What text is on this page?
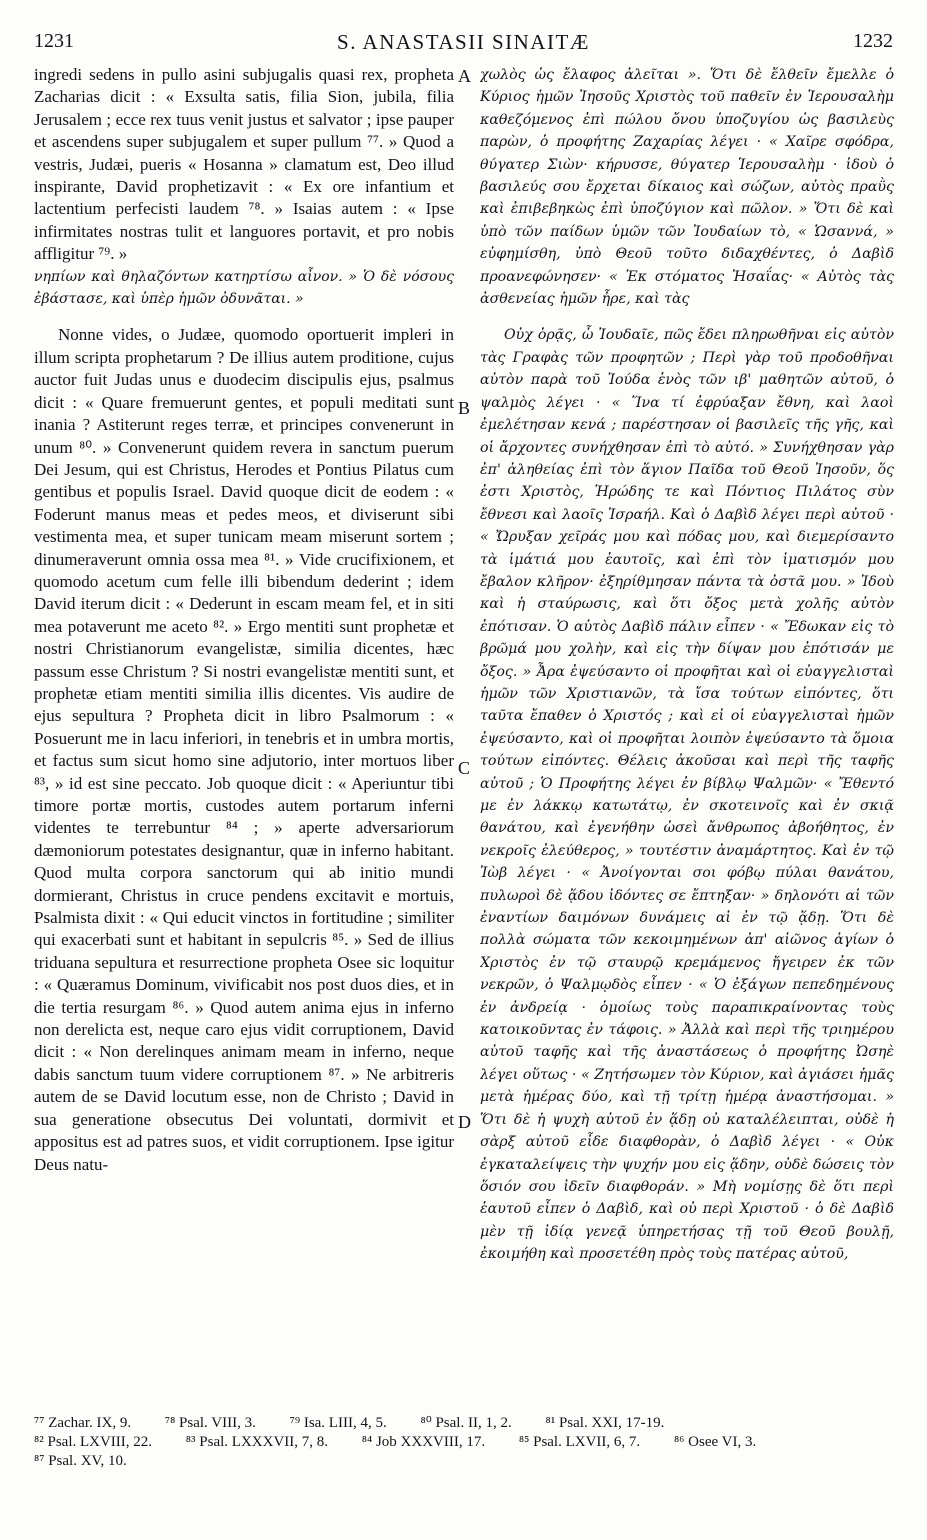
1231	S. ANASTASII SINAITÆ	1232

ingredi sedens in pullo asini subjugalis quasi rex, propheta Zacharias dicit : « Exsulta satis, filia Sion, jubila, filia Jerusalem ; ecce rex tuus venit justus et salvator ; ipse pauper et ascendens super subjugalem et super pullum ⁷⁷. » Quod a vestris, Judæi, pueris « Hosanna » clamatum est, Deo illud inspirante, David prophetizavit : « Ex ore infantium et lactentium perfecisti laudem ⁷⁸. » Isaias autem : « Ipse infirmitates nostras tulit et languores portavit, et pro nobis affligitur ⁷⁹. »

νηπίων καὶ θηλαζόντων κατηρτίσω αἶνον. » Ὁ δὲ νόσους ἐβάστασε, καὶ ὑπὲρ ἡμῶν ὀδυνᾶται. »

Nonne vides, o Judæe, quomodo oportuerit impleri in illum scripta prophetarum ? De illius autem proditione, cujus auctor fuit Judas unus e duodecim discipulis ejus, psalmus dicit : « Quare fremuerunt gentes, et populi meditati sunt inania ? Astiterunt reges terræ, et principes convenerunt in unum ⁸⁰. » Convenerunt quidem revera in sanctum puerum Dei Jesum, qui est Christus, Herodes et Pontius Pilatus cum gentibus et populis Israel. David quoque dicit de eodem : « Foderunt manus meas et pedes meos, et diviserunt sibi vestimenta mea, et super tunicam meam miserunt sortem ; dinumeraverunt omnia ossa mea ⁸¹. » Vide crucifixionem, et quomodo acetum cum felle illi bibendum dederint ; idem David iterum dicit : « Dederunt in escam meam fel, et in siti mea potaverunt me aceto ⁸². » Ergo mentiti sunt prophetæ et nostri Christianorum evangelistæ, similia dicentes, hæc passum esse Christum ? Si nostri evangelistæ mentiti sunt, et prophetæ etiam mentiti similia illis dicentes. Vis audire de ejus sepultura ? Propheta dicit in libro Psalmorum : « Posuerunt me in lacu inferiori, in tenebris et in umbra mortis, et factus sum sicut homo sine adjutorio, inter mortuos liber ⁸³, » id est sine peccato. Job quoque dicit : « Aperiuntur tibi timore portæ mortis, custodes autem portarum inferni videntes te terrebuntur ⁸⁴ ; » aperte adversariorum dæmoniorum potestates designantur, quæ in inferno habitant. Quod multa corpora sanctorum qui ab initio mundi dormierant, Christus in cruce pendens excitavit e mortuis, Psalmista dixit : « Qui educit vinctos in fortitudine ; similiter qui exacerbati sunt et habitant in sepulcris ⁸⁵. » Sed de illius triduana sepultura et resurrectione propheta Osee sic loquitur : « Quæramus Dominum, vivificabit nos post duos dies, et in die tertia resurgam ⁸⁶. » Quod autem anima ejus in inferno non derelicta est, neque caro ejus vidit corruptionem, David dicit : « Non derelinques animam meam in inferno, neque dabis sanctum tuum videre corruptionem ⁸⁷. » Ne arbitreris autem de se David locutum esse, non de Christo ; David in sua generatione obsecutus Dei voluntati, dormivit et appositus est ad patres suos, et vidit corruptionem. Ipse igitur Deus natu-

χωλὸς ὡς ἔλαφος ἁλεῖται ». Ὅτι δὲ ἔλθεῖν ἔμελλε ὁ Κύριος ἡμῶν Ἰησοῦς Χριστὸς τοῦ παθεῖν ἐν Ἱερουσαλὴμ καθεζόμενος ἐπὶ πώλου ὄνου ὑποζυγίου ὡς βασιλεὺς παρὼν, ὁ προφήτης Ζαχαρίας λέγει · « Χαῖρε σφόδρα, θύγατερ Σιὼν· κήρυσσε, θύγατερ Ἱερουσαλὴμ · ἰδοὺ ὁ βασιλεύς σου ἔρχεται δίκαιος καὶ σώζων, αὐτὸς πραῢς καὶ ἐπιβεβηκὼς ἐπὶ ὑποζύγιον καὶ πῶλον. » Ὅτι δὲ καὶ ὑπὸ τῶν παίδων ὑμῶν τῶν Ἰουδαίων τὸ, « Ὡσαννά, » εὐφημίσθη, ὑπὸ Θεοῦ τοῦτο διδαχθέντες, ὁ Δαβὶδ προανεφώνησεν· « Ἐκ στόματος Ἠσαΐας· « Αὐτὸς τὰς ἀσθενείας ἡμῶν ἦρε, καὶ τὰς

Οὐχ ὁρᾷς, ὦ Ἰουδαῖε, πῶς ἔδει πληρωθῆναι εἰς αὐτὸν τὰς Γραφὰς τῶν προφητῶν ; Περὶ γὰρ τοῦ προδοθῆναι αὐτὸν παρὰ τοῦ Ἰούδα ἑνὸς τῶν ιβ' μαθητῶν αὐτοῦ, ὁ ψαλμὸς λέγει · « Ἵνα τί ἐφρύαξαν ἔθνη, καὶ λαοὶ ἐμελέτησαν κενά ; παρέστησαν οἱ βασιλεῖς τῆς γῆς, καὶ οἱ ἄρχοντες συνήχθησαν ἐπὶ τὸ αὐτό. » Συνήχθησαν γὰρ ἐπ' ἀληθείας ἐπὶ τὸν ἅγιον Παῖδα τοῦ Θεοῦ Ἰησοῦν, ὅς ἐστι Χριστὸς, Ἡρώδης τε καὶ Πόντιος Πιλάτος σὺν ἔθνεσι καὶ λαοῖς Ἰσραήλ. Καὶ ὁ Δαβὶδ λέγει περὶ αὐτοῦ · « Ὤρυξαν χεῖράς μου καὶ πόδας μου, καὶ διεμερίσαντο τὰ ἱμάτιά μου ἑαυτοῖς, καὶ ἐπὶ τὸν ἱματισμόν μου ἔβαλον κλῆρον· ἐξηρίθμησαν πάντα τὰ ὀστᾶ μου. » Ἰδοὺ καὶ ἡ σταύρωσις, καὶ ὅτι ὄξος μετὰ χολῆς αὐτὸν ἐπότισαν. Ὁ αὐτὸς Δαβὶδ πάλιν εἶπεν · « Ἔδωκαν εἰς τὸ βρῶμά μου χολὴν, καὶ εἰς τὴν δίψαν μου ἐπότισάν με ὄξος. » Ἆρα ἐψεύσαντο οἱ προφῆται καὶ οἱ εὐαγγελισταὶ ἡμῶν τῶν Χριστιανῶν, τὰ ἴσα τούτων εἰπόντες, ὅτι ταῦτα ἔπαθεν ὁ Χριστός ; καὶ εἰ οἱ εὐαγγελισταὶ ἡμῶν ἐψεύσαντο, καὶ οἱ προφῆται λοιπὸν ἐψεύσαντο τὰ ὅμοια τούτων εἰπόντες. Θέλεις ἀκοῦσαι καὶ περὶ τῆς ταφῆς αὐτοῦ ; Ὁ Προφήτης λέγει ἐν βίβλῳ Ψαλμῶν· « Ἔθεντό με ἐν λάκκῳ κατωτάτῳ, ἐν σκοτεινοῖς καὶ ἐν σκιᾷ θανάτου, καὶ ἐγενήθην ὡσεὶ ἄνθρωπος ἀβοήθητος, ἐν νεκροῖς ἐλεύθερος, » τουτέστιν ἀναμάρτητος. Καὶ ἐν τῷ Ἰὼβ λέγει · « Ἀνοίγονται σοι φόβῳ πύλαι θανάτου, πυλωροὶ δὲ ᾅδου ἰδόντες σε ἔπτηξαν· » δηλονότι αἱ τῶν ἐναντίων δαιμόνων δυνάμεις αἱ ἐν τῷ ᾅδῃ. Ὅτι δὲ πολλὰ σώματα τῶν κεκοιμημένων ἀπ' αἰῶνος ἁγίων ὁ Χριστὸς ἐν τῷ σταυρῷ κρεμάμενος ἤγειρεν ἐκ τῶν νεκρῶν, ὁ Ψαλμῳδὸς εἶπεν · « Ὁ ἐξάγων πεπεδημένους ἐν ἀνδρείᾳ · ὁμοίως τοὺς παραπικραίνοντας τοὺς κατοικοῦντας ἐν τάφοις. » Ἀλλὰ καὶ περὶ τῆς τριημέρου αὐτοῦ ταφῆς καὶ τῆς ἀναστάσεως ὁ προφήτης Ὠσηὲ λέγει οὕτως · « Ζητήσωμεν τὸν Κύριον, καὶ ἀγιάσει ἡμᾶς μετὰ ἡμέρας δύο, καὶ τῇ τρίτῃ ἡμέρᾳ ἀναστήσομαι. » Ὅτι δὲ ἡ ψυχὴ αὐτοῦ ἐν ᾅδῃ οὐ καταλέλειπται, οὐδὲ ἡ σὰρξ αὐτοῦ εἶδε διαφθορὰν, ὁ Δαβὶδ λέγει · « Οὐκ ἐγκαταλείψεις τὴν ψυχήν μου εἰς ᾅδην, οὐδὲ δώσεις τὸν ὅσιόν σου ἰδεῖν διαφθοράν. » Μὴ νομίσῃς δὲ ὅτι περὶ ἑαυτοῦ εἶπεν ὁ Δαβὶδ, καὶ οὐ περὶ Χριστοῦ · ὁ δὲ Δαβὶδ μὲν τῇ ἰδίᾳ γενεᾷ ὑπηρετήσας τῇ τοῦ Θεοῦ βουλῇ, ἐκοιμήθη καὶ προσετέθη πρὸς τοὺς πατέρας αὐτοῦ,

A
B
C
D
⁷⁷ Zachar. IX, 9. ⁷⁸ Psal. VIII, 3. ⁷⁹ Isa. LIII, 4, 5. ⁸⁰ Psal. II, 1, 2. ⁸¹ Psal. XXI, 17-19.
⁸² Psal. LXVIII, 22. ⁸³ Psal. LXXXVII, 7, 8. ⁸⁴ Job XXXVIII, 17. ⁸⁵ Psal. LXVII, 6, 7. ⁸⁶ Osee VI, 3.
⁸⁷ Psal. XV, 10.
